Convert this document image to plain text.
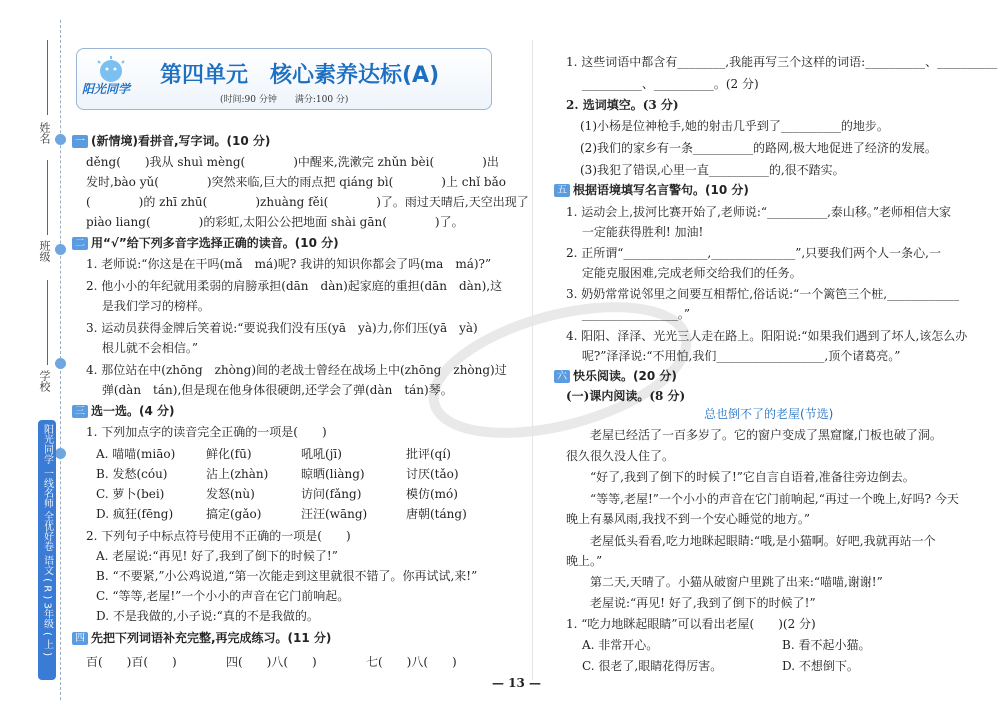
姓名
班级
学校
阳光同学
一线名师 全优好卷
语文 ( R ) 3年级 ( 上 )
阳光同学
第四单元　核心素养达标(A)
(时间:90 分钟　　满分:100 分)
一 (新情境)看拼音,写字词。(10 分)
děng(　　)我从 shuì mèng(　　　　)中醒来,洗漱完 zhǔn bèi(　　　　)出
发时,bào yǔ(　　　　)突然来临,巨大的雨点把 qiáng bì(　　　　)上 chǐ bǎo
(　　　　)的 zhī zhū(　　　　)zhuàng fěi(　　　　)了。雨过天晴后,天空出现了
piào liang(　　　　)的彩虹,太阳公公把地面 shài gān(　　　　)了。
二 用“√”给下列多音字选择正确的读音。(10 分)
1. 老师说:“你这是在干吗(mǎ　má)呢? 我讲的知识你都会了吗(ma　má)?”
2. 他小小的年纪就用柔弱的肩膀承担(dān　dàn)起家庭的重担(dān　dàn),这
　 是我们学习的榜样。
3. 运动员获得金牌后笑着说:“要说我们没有压(yā　yà)力,你们压(yā　yà)
　 根儿就不会相信。”
4. 那位站在中(zhōng　zhòng)间的老战士曾经在战场上中(zhōng　zhòng)过
　 弹(dàn　tán),但是现在他身体很硬朗,还学会了弹(dàn　tán)琴。
三 选一选。(4 分)
1. 下列加点字的读音完全正确的一项是(　　)
A. 喵喵(miāo)	鲜化(fū)	吼吼(jī)	批评(qí)
B. 发愁(cóu)	沾上(zhàn)	晾晒(liàng)	讨厌(tǎo)
C. 萝卜(bei)	发怒(nù)	访问(fǎng)	模仿(mó)
D. 疯狂(fēng)	搞定(gǎo)	汪汪(wāng)	唐朝(táng)
2. 下列句子中标点符号使用不正确的一项是(　　)
A. 老屋说:“再见! 好了,我到了倒下的时候了!”
B. “不要紧,”小公鸡说道,“第一次能走到这里就很不错了。你再试试,来!”
C. “等等,老屋!”一个小小的声音在它门前响起。
D. 不是我做的,小子说:“真的不是我做的。
四 先把下列词语补充完整,再完成练习。(11 分)
百(　　)百(　　)	四(　　)八(　　)	七(　　)八(　　)
— 13 —
1. 这些词语中都含有________,我能再写三个这样的词语:__________、__________
　 __________、__________。(2 分)
2. 选词填空。(3 分)
(1)小杨是位神枪手,她的射击几乎到了__________的地步。
(2)我们的家乡有一条__________的路网,极大地促进了经济的发展。
(3)我犯了错误,心里一直__________的,很不踏实。
五 根据语境填写名言警句。(10 分)
1. 运动会上,拔河比赛开始了,老师说:“__________,泰山移。”老师相信大家
　 一定能获得胜利! 加油!
2. 正所谓“______________,______________”,只要我们两个人一条心,一
　 定能克服困难,完成老师交给我们的任务。
3. 奶奶常常说邻里之间要互相帮忙,俗话说:“一个篱笆三个桩,____________
　 ________________。”
4. 阳阳、泽泽、光光三人走在路上。阳阳说:“如果我们遇到了坏人,该怎么办
　 呢?”泽泽说:“不用怕,我们__________________,顶个诸葛亮。”
六 快乐阅读。(20 分)
(一)课内阅读。(8 分)
总也倒不了的老屋(节选)
　　老屋已经活了一百多岁了。它的窗户变成了黑窟窿,门板也破了洞。
很久很久没人住了。
　　“好了,我到了倒下的时候了!”它自言自语着,准备往旁边倒去。
　　“等等,老屋!”一个小小的声音在它门前响起,“再过一个晚上,好吗? 今天
晚上有暴风雨,我找不到一个安心睡觉的地方。”
　　老屋低头看看,吃力地眯起眼睛:“哦,是小猫啊。好吧,我就再站一个
晚上。”
　　第二天,天晴了。小猫从破窗户里跳了出来:“喵喵,谢谢!”
　　老屋说:“再见! 好了,我到了倒下的时候了!”
1. “吃力地眯起眼睛”可以看出老屋(　　)(2 分)
A. 非常开心。	B. 看不起小猫。
C. 很老了,眼睛花得厉害。	D. 不想倒下。
